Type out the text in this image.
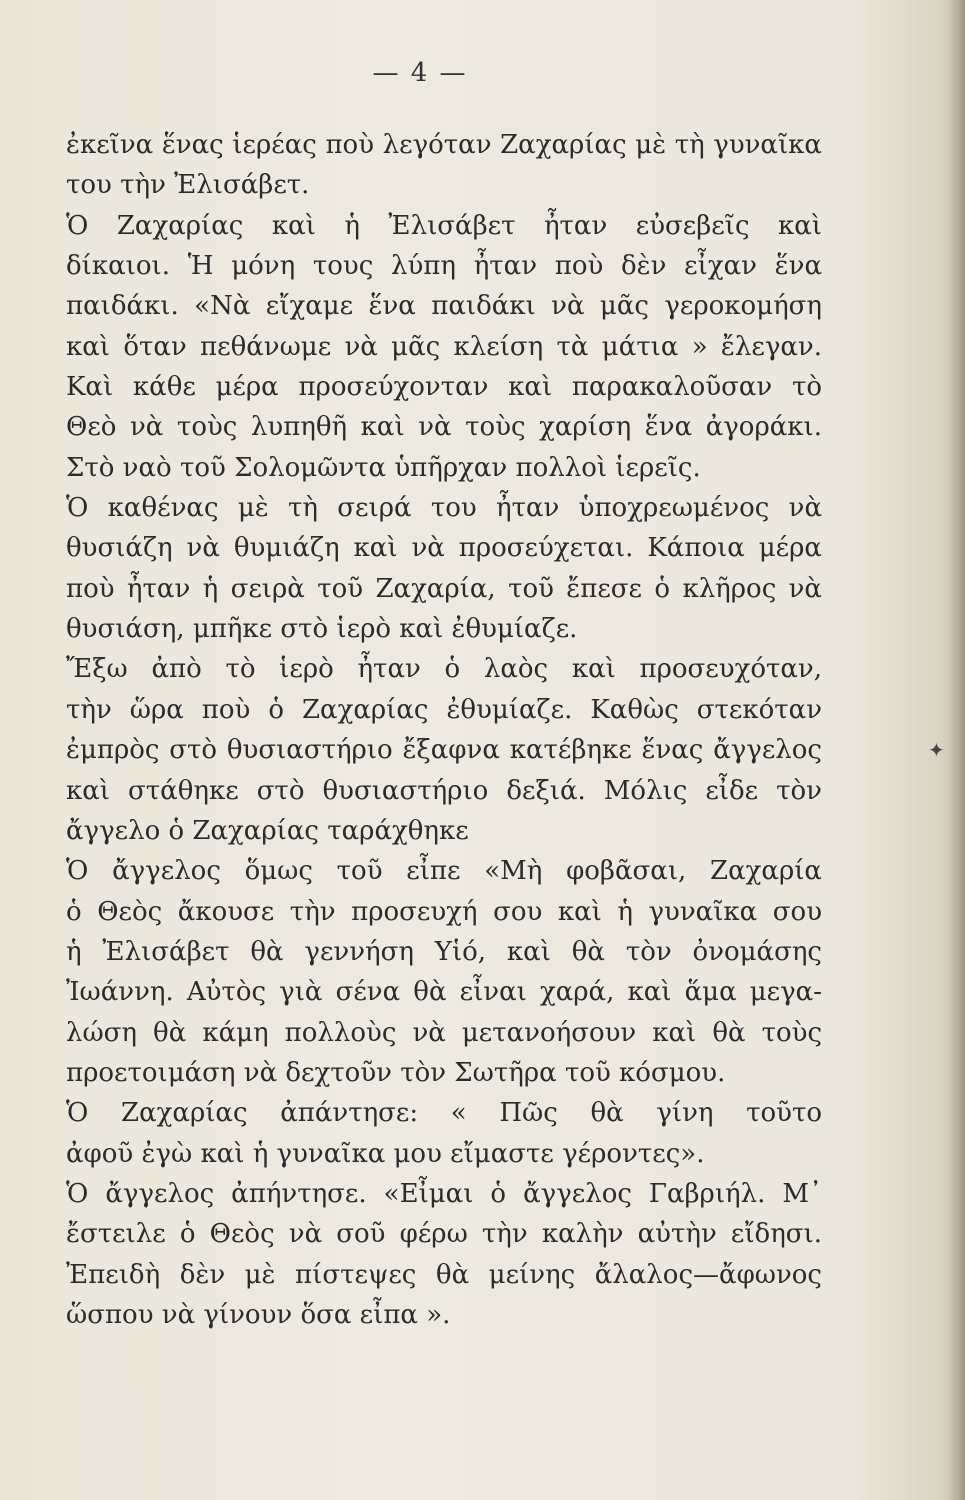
— 4 —
ἐκεῖνα ἕνας ἱερέας ποὺ λεγόταν Ζαχαρίας μὲ τὴ γυναῖκα
του τὴν Ἐλισάβετ.
Ὁ Ζαχαρίας καὶ ἡ Ἐλισάβετ ἦταν εὐσεβεῖς καὶ
δίκαιοι. Ἡ μόνη τους λύπη ἦταν ποὺ δὲν εἶχαν ἕνα
παιδάκι. «Νὰ εἴχαμε ἕνα παιδάκι νὰ μᾶς γεροκομήση
καὶ ὅταν πεθάνωμε νὰ μᾶς κλείση τὰ μάτια » ἔλεγαν.
Καὶ κάθε μέρα προσεύχονταν καὶ παρακαλοῦσαν τὸ
Θεὸ νὰ τοὺς λυπηθῆ καὶ νὰ τοὺς χαρίση ἕνα ἀγοράκι.
Στὸ ναὸ τοῦ Σολομῶντα ὑπῆρχαν πολλοὶ ἱερεῖς.
Ὁ καθένας μὲ τὴ σειρά του ἦταν ὑποχρεωμένος νὰ
θυσιάζη νὰ θυμιάζη καὶ νὰ προσεύχεται. Κάποια μέρα
ποὺ ἦταν ἡ σειρὰ τοῦ Ζαχαρία, τοῦ ἔπεσε ὁ κλῆρος νὰ
θυσιάση, μπῆκε στὸ ἱερὸ καὶ ἐθυμίαζε.
Ἔξω ἀπὸ τὸ ἱερὸ ἦταν ὁ λαὸς καὶ προσευχόταν,
τὴν ὥρα ποὺ ὁ Ζαχαρίας ἐθυμίαζε. Καθὼς στεκόταν
ἐμπρὸς στὸ θυσιαστήριο ἔξαφνα κατέβηκε ἕνας ἄγγελος
καὶ στάθηκε στὸ θυσιαστήριο δεξιά. Μόλις εἶδε τὸν
ἄγγελο ὁ Ζαχαρίας ταράχθηκε
Ὁ ἄγγελος ὅμως τοῦ εἶπε «Μὴ φοβᾶσαι, Ζαχαρία
ὁ Θεὸς ἄκουσε τὴν προσευχή σου καὶ ἡ γυναῖκα σου
ἡ Ἐλισάβετ θὰ γεννήση Υἱό, καὶ θὰ τὸν ὀνομάσης
Ἰωάννη. Αὐτὸς γιὰ σένα θὰ εἶναι χαρά, καὶ ἅμα μεγα-
λώση θὰ κάμη πολλοὺς νὰ μετανοήσουν καὶ θὰ τοὺς
προετοιμάση νὰ δεχτοῦν τὸν Σωτῆρα τοῦ κόσμου.
Ὁ Ζαχαρίας ἀπάντησε: « Πῶς θὰ γίνη τοῦτο
ἀφοῦ ἐγὼ καὶ ἡ γυναῖκα μου εἴμαστε γέροντες».
Ὁ ἄγγελος ἀπήντησε. «Εἶμαι ὁ ἄγγελος Γαβριήλ. Μ᾽
ἔστειλε ὁ Θεὸς νὰ σοῦ φέρω τὴν καλὴν αὐτὴν εἴδησι.
Ἐπειδὴ δὲν μὲ πίστεψες θὰ μείνης ἄλαλος—ἄφωνος
ὥσπου νὰ γίνουν ὅσα εἶπα ».
✦
